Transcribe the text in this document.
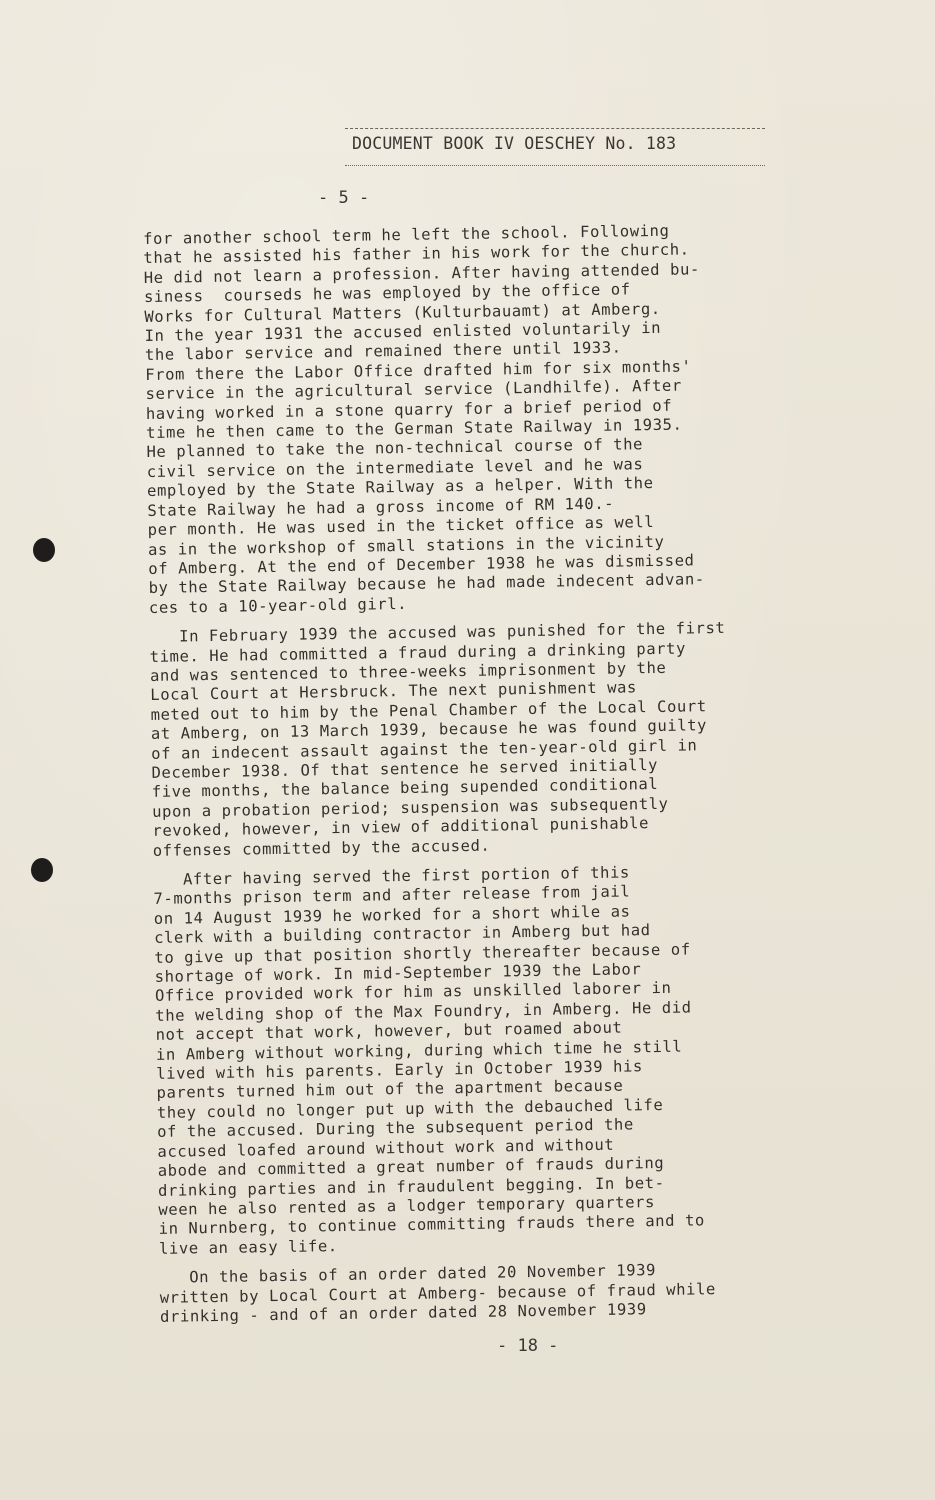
DOCUMENT BOOK IV OESCHEY No. 183
- 5 -
for another school term he left the school. Following
that he assisted his father in his work for the church.
He did not learn a profession. After having attended bu-
siness  courseds he was employed by the office of
Works for Cultural Matters (Kulturbauamt) at Amberg.
In the year 1931 the accused enlisted voluntarily in
the labor service and remained there until 1933.
From there the Labor Office drafted him for six months'
service in the agricultural service (Landhilfe). After
having worked in a stone quarry for a brief period of
time he then came to the German State Railway in 1935.
He planned to take the non-technical course of the
civil service on the intermediate level and he was
employed by the State Railway as a helper. With the
State Railway he had a gross income of RM 140.-
per month. He was used in the ticket office as well
as in the workshop of small stations in the vicinity
of Amberg. At the end of December 1938 he was dismissed
by the State Railway because he had made indecent advan-
ces to a 10-year-old girl.
In February 1939 the accused was punished for the first
time. He had committed a fraud during a drinking party
and was sentenced to three-weeks imprisonment by the
Local Court at Hersbruck. The next punishment was
meted out to him by the Penal Chamber of the Local Court
at Amberg, on 13 March 1939, because he was found guilty
of an indecent assault against the ten-year-old girl in
December 1938. Of that sentence he served initially
five months, the balance being supended conditional
upon a probation period; suspension was subsequently
revoked, however, in view of additional punishable
offenses committed by the accused.
After having served the first portion of this
7-months prison term and after release from jail
on 14 August 1939 he worked for a short while as
clerk with a building contractor in Amberg but had
to give up that position shortly thereafter because of
shortage of work. In mid-September 1939 the Labor
Office provided work for him as unskilled laborer in
the welding shop of the Max Foundry, in Amberg. He did
not accept that work, however, but roamed about
in Amberg without working, during which time he still
lived with his parents. Early in October 1939 his
parents turned him out of the apartment because
they could no longer put up with the debauched life
of the accused. During the subsequent period the
accused loafed around without work and without
abode and committed a great number of frauds during
drinking parties and in fraudulent begging. In bet-
ween he also rented as a lodger temporary quarters
in Nurnberg, to continue committing frauds there and to
live an easy life.
On the basis of an order dated 20 November 1939
written by Local Court at Amberg- because of fraud while
drinking - and of an order dated 28 November 1939
- 18 -
